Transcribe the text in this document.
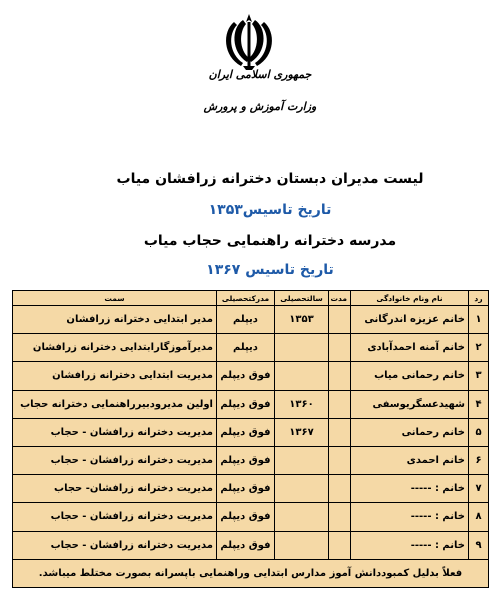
جمهوری اسلامی ایران
وزارت آموزش و پرورش
لیست مدیران دبستان دخترانه زرافشان میاب
تاریخ تاسیس۱۳۵۳
مدرسه دخترانه راهنمایی حجاب میاب
تاریخ تاسیس ۱۳۶۷
رد	نام ونام خانوادگی	مدت	سالتحصیلی	مدرکتحصیلی	سمت
۱	خانم عزیزه اندرگانی		۱۳۵۳	دیپلم	مدیر ابتدایی دخترانه زرافشان
۲	خانم آمنه احمدآبادی			دیپلم	مدیرآموزگارابتدایی دخترانه زرافشان
۳	خانم رحمانی میاب			فوق دیپلم	مدیریت ابتدایی دخترانه زرافشان
۴	شهیدعسگریوسفی		۱۳۶۰	فوق دیپلم	اولین مدیرودبیرراهنمایی دخترانه حجاب
۵	خانم رحمانی		۱۳۶۷	فوق دیپلم	مدیریت دخترانه زرافشان - حجاب
۶	خانم احمدی			فوق دیپلم	مدیریت دخترانه زرافشان - حجاب
۷	خانم : -----			فوق دیپلم	مدیریت دخترانه زرافشان- حجاب
۸	خانم : -----			فوق دیپلم	مدیریت دخترانه زرافشان - حجاب
۹	خانم : -----			فوق دیپلم	مدیریت دخترانه زرافشان - حجاب
فعلاً بدلیل کمبوددانش آموز مدارس ابتدایی وراهنمایی باپسرانه بصورت مختلط میباشد.					
